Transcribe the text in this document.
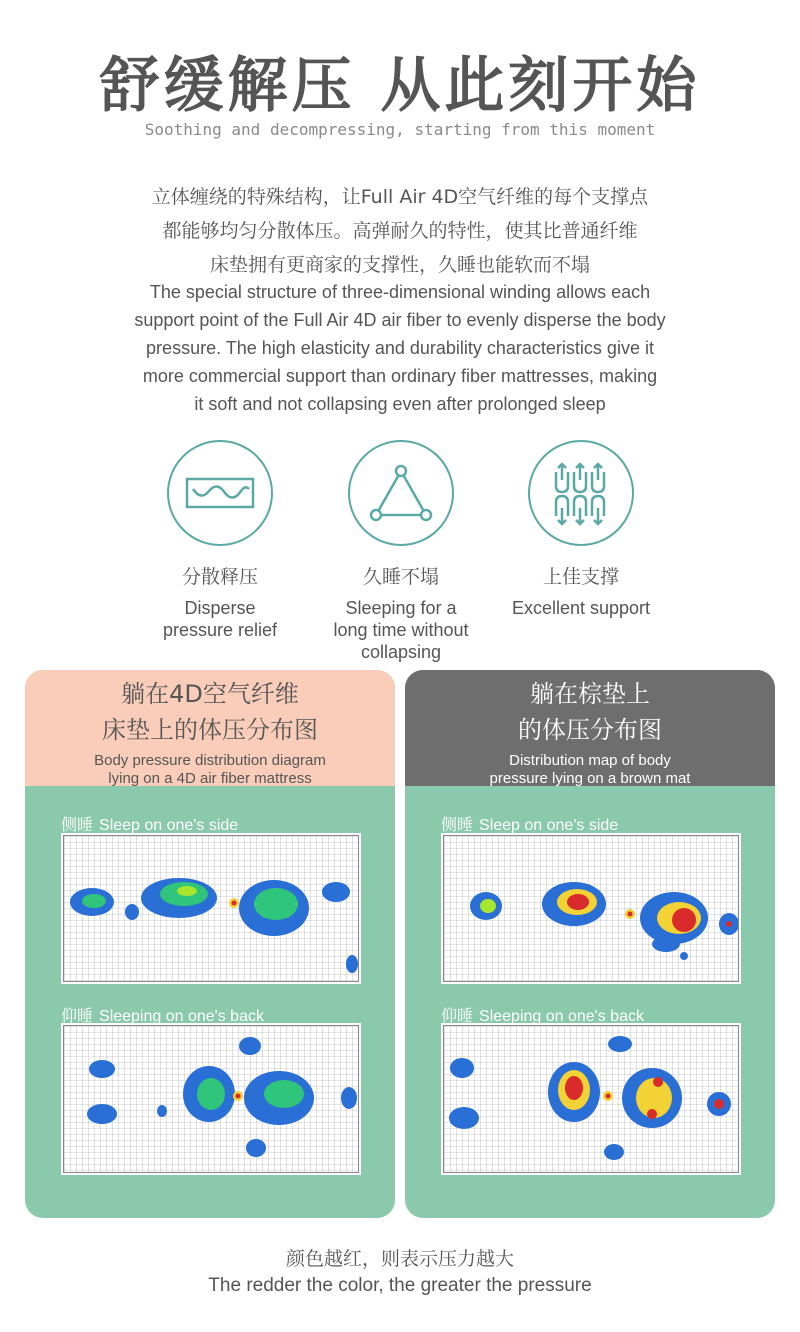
舒缓解压 从此刻开始
Soothing and decompressing, starting from this moment
立体缠绕的特殊结构，让Full Air 4D空气纤维的每个支撑点
都能够均匀分散体压。高弹耐久的特性，使其比普通纤维
床垫拥有更商家的支撑性，久睡也能软而不塌
The special structure of three-dimensional winding allows each
support point of the Full Air 4D air fiber to evenly disperse the body
pressure. The high elasticity and durability characteristics give it
more commercial support than ordinary fiber mattresses, making
it soft and not collapsing even after prolonged sleep
分散释压
Disperse
pressure relief
久睡不塌
Sleeping for a
long time without
collapsing
上佳支撑
Excellent support
躺在4D空气纤维
床垫上的体压分布图
Body pressure distribution diagram
lying on a 4D air fiber mattress
侧睡 Sleep on one's side
仰睡 Sleeping on one's back
躺在棕垫上
的体压分布图
Distribution map of body
pressure lying on a brown mat
侧睡 Sleep on one's side
仰睡 Sleeping on one's back
颜色越红，则表示压力越大
The redder the color, the greater the pressure
